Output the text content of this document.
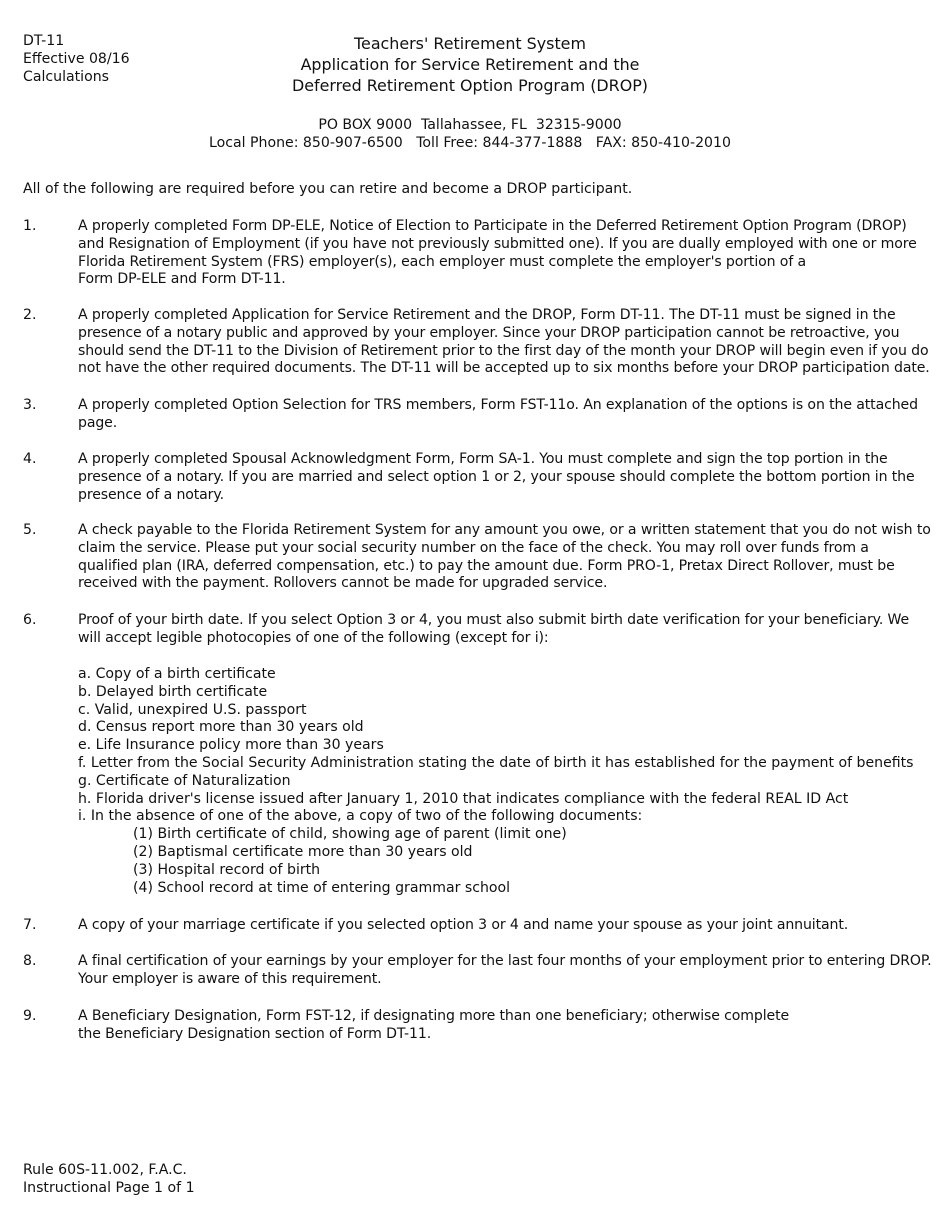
DT-11
Effective 08/16
Calculations
Teachers' Retirement System
Application for Service Retirement and the
Deferred Retirement Option Program (DROP)
PO BOX 9000  Tallahassee, FL  32315-9000
Local Phone: 850-907-6500   Toll Free: 844-377-1888   FAX: 850-410-2010
All of the following are required before you can retire and become a DROP participant.
1.	A properly completed Form DP-ELE, Notice of Election to Participate in the Deferred Retirement Option Program (DROP)
and Resignation of Employment (if you have not previously submitted one). If you are dually employed with one or more
Florida Retirement System (FRS) employer(s), each employer must complete the employer's portion of a
Form DP-ELE and Form DT-11.
2.	A properly completed Application for Service Retirement and the DROP, Form DT-11. The DT-11 must be signed in the
presence of a notary public and approved by your employer. Since your DROP participation cannot be retroactive, you
should send the DT-11 to the Division of Retirement prior to the first day of the month your DROP will begin even if you do
not have the other required documents. The DT-11 will be accepted up to six months before your DROP participation date.
3.	A properly completed Option Selection for TRS members, Form FST-11o. An explanation of the options is on the attached
page.
4.	A properly completed Spousal Acknowledgment Form, Form SA-1. You must complete and sign the top portion in the
presence of a notary. If you are married and select option 1 or 2, your spouse should complete the bottom portion in the
presence of a notary.
5.	A check payable to the Florida Retirement System for any amount you owe, or a written statement that you do not wish to
claim the service. Please put your social security number on the face of the check. You may roll over funds from a
qualified plan (IRA, deferred compensation, etc.) to pay the amount due. Form PRO-1, Pretax Direct Rollover, must be
received with the payment. Rollovers cannot be made for upgraded service.
6.	Proof of your birth date. If you select Option 3 or 4, you must also submit birth date verification for your beneficiary. We
will accept legible photocopies of one of the following (except for i):
a. Copy of a birth certificate
b. Delayed birth certificate
c. Valid, unexpired U.S. passport
d. Census report more than 30 years old
e. Life Insurance policy more than 30 years
f. Letter from the Social Security Administration stating the date of birth it has established for the payment of benefits
g. Certificate of Naturalization
h. Florida driver's license issued after January 1, 2010 that indicates compliance with the federal REAL ID Act
i. In the absence of one of the above, a copy of two of the following documents:
(1) Birth certificate of child, showing age of parent (limit one)
(2) Baptismal certificate more than 30 years old
(3) Hospital record of birth
(4) School record at time of entering grammar school
7.	A copy of your marriage certificate if you selected option 3 or 4 and name your spouse as your joint annuitant.
8.	A final certification of your earnings by your employer for the last four months of your employment prior to entering DROP.
Your employer is aware of this requirement.
9.	A Beneficiary Designation, Form FST-12, if designating more than one beneficiary; otherwise complete
the Beneficiary Designation section of Form DT-11.
Rule 60S-11.002, F.A.C.
Instructional Page 1 of 1
